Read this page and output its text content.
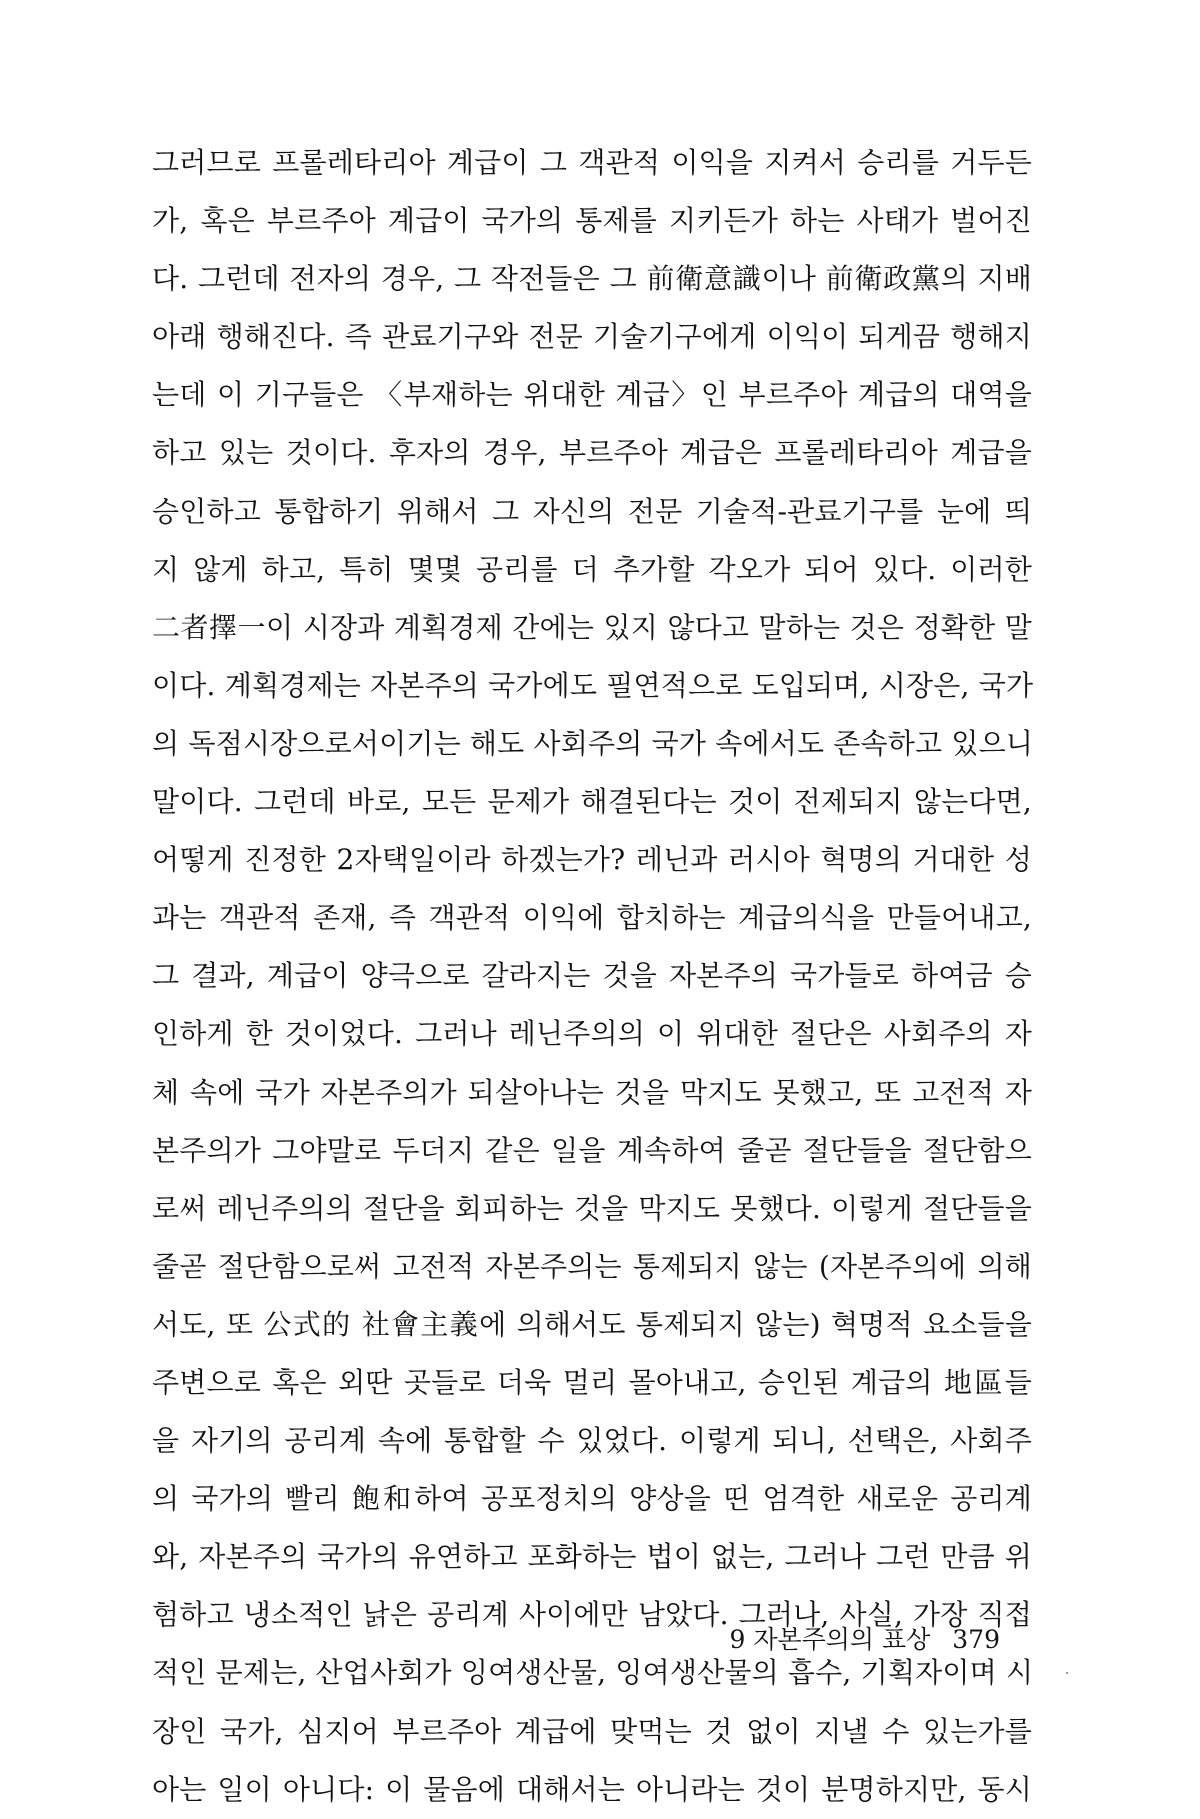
그러므로 프롤레타리아 계급이 그 객관적 이익을 지켜서 승리를 거두든
가, 혹은 부르주아 계급이 국가의 통제를 지키든가 하는 사태가 벌어진
다. 그런데 전자의 경우, 그 작전들은 그 前衛意識이나 前衛政黨의 지배
아래 행해진다. 즉 관료기구와 전문 기술기구에게 이익이 되게끔 행해지
는데 이 기구들은 〈부재하는 위대한 계급〉인 부르주아 계급의 대역을
하고 있는 것이다. 후자의 경우, 부르주아 계급은 프롤레타리아 계급을
승인하고 통합하기 위해서 그 자신의 전문 기술적-관료기구를 눈에 띄
지 않게 하고, 특히 몇몇 공리를 더 추가할 각오가 되어 있다. 이러한
二者擇一이 시장과 계획경제 간에는 있지 않다고 말하는 것은 정확한 말
이다. 계획경제는 자본주의 국가에도 필연적으로 도입되며, 시장은, 국가
의 독점시장으로서이기는 해도 사회주의 국가 속에서도 존속하고 있으니
말이다. 그런데 바로, 모든 문제가 해결된다는 것이 전제되지 않는다면,
어떻게 진정한 2자택일이라 하겠는가? 레닌과 러시아 혁명의 거대한 성
과는 객관적 존재, 즉 객관적 이익에 합치하는 계급의식을 만들어내고,
그 결과, 계급이 양극으로 갈라지는 것을 자본주의 국가들로 하여금 승
인하게 한 것이었다. 그러나 레닌주의의 이 위대한 절단은 사회주의 자
체 속에 국가 자본주의가 되살아나는 것을 막지도 못했고, 또 고전적 자
본주의가 그야말로 두더지 같은 일을 계속하여 줄곧 절단들을 절단함으
로써 레닌주의의 절단을 회피하는 것을 막지도 못했다. 이렇게 절단들을
줄곧 절단함으로써 고전적 자본주의는 통제되지 않는 (자본주의에 의해
서도, 또 公式的 社會主義에 의해서도 통제되지 않는) 혁명적 요소들을
주변으로 혹은 외딴 곳들로 더욱 멀리 몰아내고, 승인된 계급의 地區들
을 자기의 공리계 속에 통합할 수 있었다. 이렇게 되니, 선택은, 사회주
의 국가의 빨리 飽和하여 공포정치의 양상을 띤 엄격한 새로운 공리계
와, 자본주의 국가의 유연하고 포화하는 법이 없는, 그러나 그런 만큼 위
험하고 냉소적인 낡은 공리계 사이에만 남았다. 그러나, 사실, 가장 직접
적인 문제는, 산업사회가 잉여생산물, 잉여생산물의 흡수, 기획자이며 시
장인 국가, 심지어 부르주아 계급에 맞먹는 것 없이 지낼 수 있는가를
아는 일이 아니다: 이 물음에 대해서는 아니라는 것이 분명하지만, 동시
9 자본주의의 표상 379
